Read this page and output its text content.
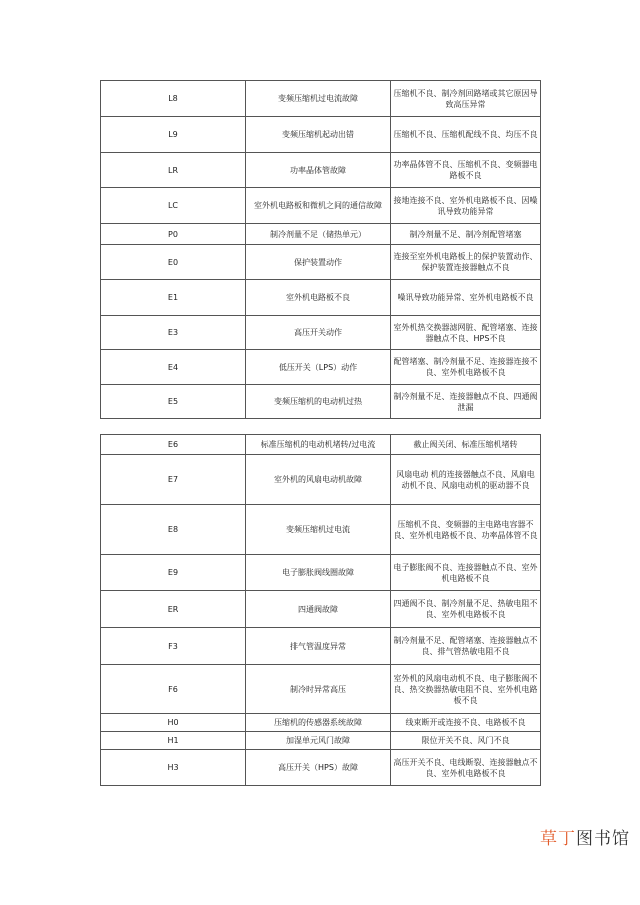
L8	变频压缩机过电流故障	压缩机不良、制冷剂回路堵或其它原因导致高压异常
L9	变频压缩机起动出错	压缩机不良、压缩机配线不良、均压不良
LR	功率晶体管故障	功率晶体管不良、压缩机不良、变频器电路板不良
LC	室外机电路板和微机之间的通信故障	接地连接不良、室外机电路板不良、因噪讯导致功能异常
P0	制冷剂量不足（储热单元）	制冷剂量不足、制冷剂配管堵塞
E0	保护装置动作	连接至室外机电路板上的保护装置动作、保护装置连接器触点不良
E1	室外机电路板不良	噪讯导致功能异常、室外机电路板不良
E3	高压开关动作	室外机热交换器滤网脏、配管堵塞、连接器触点不良、HPS不良
E4	低压开关（LPS）动作	配管堵塞、制冷剂量不足、连接器连接不良、室外机电路板不良
E5	变频压缩机的电动机过热	制冷剂量不足、连接器触点不良、四通阀泄漏
E6	标准压缩机的电动机堵转/过电流	截止阀关闭、标准压缩机堵转
E7	室外机的风扇电动机故障	风扇电动 机的连接器触点不良、风扇电动机不良、风扇电动机的驱动器不良
E8	变频压缩机过电流	压缩机不良、变频器的主电路电容器不良、室外机电路板不良、功率晶体管不良
E9	电子膨胀阀线圈故障	电子膨胀阀不良、连接器触点不良、室外机电路板不良
ER	四通阀故障	四通阀不良、制冷剂量不足、热敏电阻不良、室外机电路板不良
F3	排气管温度异常	制冷剂量不足、配管堵塞、连接器触点不良、排气管热敏电阻不良
F6	制冷时异常高压	室外机的风扇电动机不良、电子膨胀阀不良、热交换器热敏电阻不良、室外机电路板不良
H0	压缩机的传感器系统故障	线束断开或连接不良、电路板不良
H1	加湿单元风门故障	限位开关不良、风门不良
H3	高压开关（HPS）故障	高压开关不良、电线断裂、连接器触点不良、室外机电路板不良
草丁图书馆
